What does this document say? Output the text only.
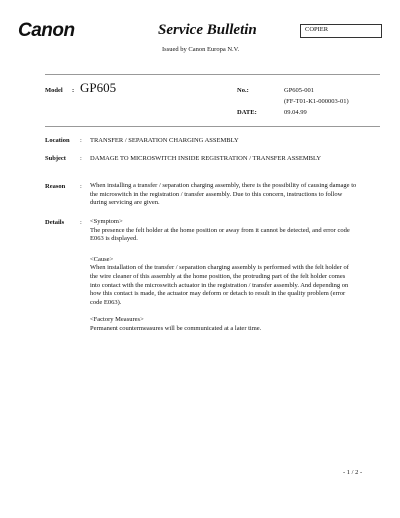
Canon	Service Bulletin	COPIER
Issued by Canon Europa N.V.
Model : GP605	No.:	GP605-001
(FF-T01-K1-000003-01)
DATE:	09.04.99
Location : TRANSFER / SEPARATION CHARGING ASSEMBLY
Subject : DAMAGE TO MICROSWITCH INSIDE REGISTRATION / TRANSFER ASSEMBLY
Reason : When installing a transfer / separation charging assembly, there is the possibility of causing damage to
the microswitch in the registration / transfer assembly. Due to this concern, instructions to follow
during servicing are given.
Details : <Symptom>
The presence the felt holder at the home position or away from it cannot be detected, and error code
E063 is displayed.
<Cause>
When installation of the transfer / separation charging assembly is performed with the felt holder of
the wire cleaner of this assembly at the home position, the protruding part of the felt holder comes
into contact with the microswitch actuator in the registration / transfer assembly. And depending on
how this contact is made, the actuator may deform or detach to result in the quality problem (error
code E063).
<Factory Measures>
Permanent countermeasures will be communicated at a later time.
- 1 / 2 -
